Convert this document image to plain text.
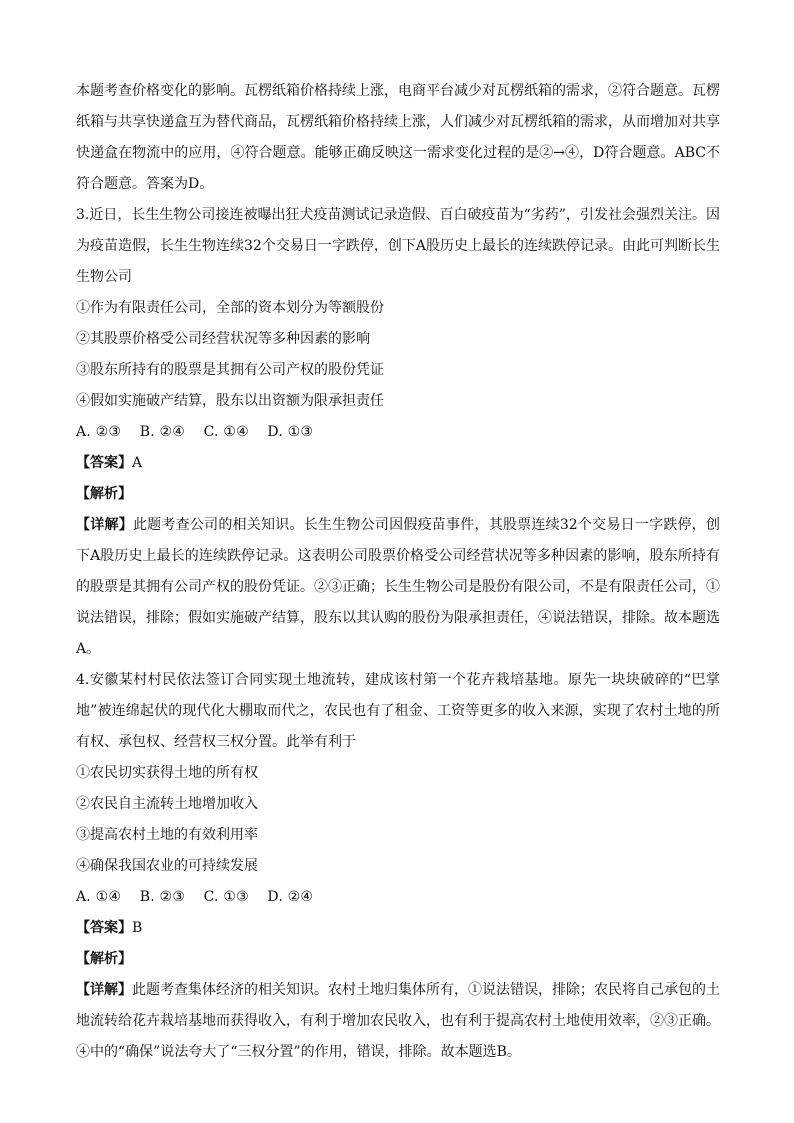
本题考查价格变化的影响。瓦楞纸箱价格持续上涨，电商平台减少对瓦楞纸箱的需求，②符合题意。瓦楞纸箱与共享快递盒互为替代商品，瓦楞纸箱价格持续上涨，人们减少对瓦楞纸箱的需求，从而增加对共享快递盒在物流中的应用，④符合题意。能够正确反映这一需求变化过程的是②→④，D符合题意。ABC不符合题意。答案为D。

3.近日，长生生物公司接连被曝出狂犬疫苗测试记录造假、百白破疫苗为“劣药”，引发社会强烈关注。因为疫苗造假，长生生物连续32个交易日一字跌停，创下A股历史上最长的连续跌停记录。由此可判断长生生物公司

①作为有限责任公司，全部的资本划分为等额股份

②其股票价格受公司经营状况等多种因素的影响

③股东所持有的股票是其拥有公司产权的股份凭证

④假如实施破产结算，股东以出资额为限承担责任

A. ②③    B. ②④    C. ①④    D. ①③

【答案】A

【解析】

【详解】此题考查公司的相关知识。长生生物公司因假疫苗事件，其股票连续32个交易日一字跌停，创下A股历史上最长的连续跌停记录。这表明公司股票价格受公司经营状况等多种因素的影响，股东所持有的股票是其拥有公司产权的股份凭证。②③正确；长生生物公司是股份有限公司，不是有限责任公司，①说法错误，排除；假如实施破产结算，股东以其认购的股份为限承担责任，④说法错误，排除。故本题选A。

4.安徽某村村民依法签订合同实现土地流转，建成该村第一个花卉栽培基地。原先一块块破碎的“巴掌地”被连绵起伏的现代化大棚取而代之，农民也有了租金、工资等更多的收入来源，实现了农村土地的所有权、承包权、经营权三权分置。此举有利于

①农民切实获得土地的所有权

②农民自主流转土地增加收入

③提高农村土地的有效利用率

④确保我国农业的可持续发展

A. ①④    B. ②③    C. ①③    D. ②④

【答案】B

【解析】

【详解】此题考查集体经济的相关知识。农村土地归集体所有，①说法错误，排除；农民将自己承包的土地流转给花卉栽培基地而获得收入，有利于增加农民收入，也有利于提高农村土地使用效率，②③正确。④中的“确保”说法夸大了“三权分置”的作用，错误，排除。故本题选B。
